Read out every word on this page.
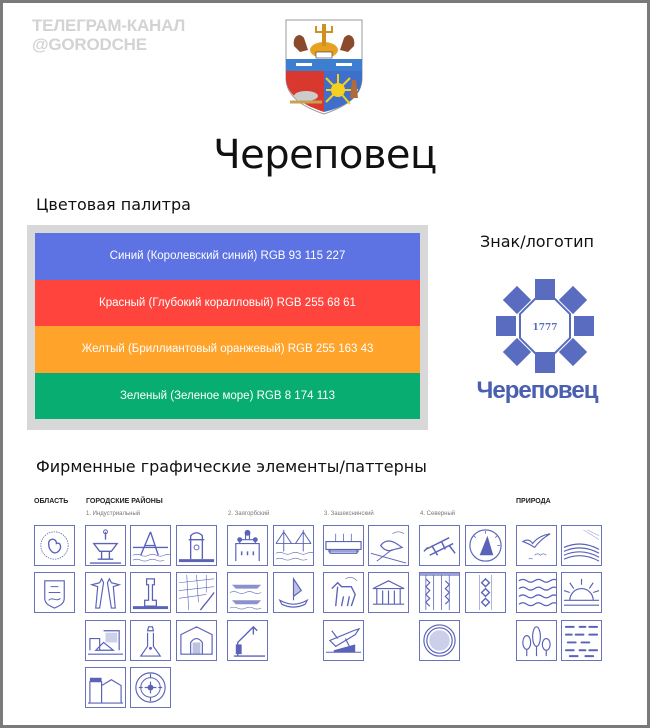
ТЕЛЕГРАМ-КАНАЛ
@GORODCHE
Череповец
Цветовая палитра
Синий (Королевский синий) RGB 93 115 227
Красный (Глубокий коралловый) RGB 255 68 61
Желтый (Бриллиантовый оранжевый) RGB 255 163 43
Зеленый (Зеленое море) RGB 8 174 113
Знак/логотип
1777
Череповец
Фирменные графические элементы/паттерны
ОБЛАСТЬ	ГОРОДСКИЕ РАЙОНЫ	ПРИРОДА
1. Индустриальный	2. Заягорбский	3. Зашекснинский	4. Северный
